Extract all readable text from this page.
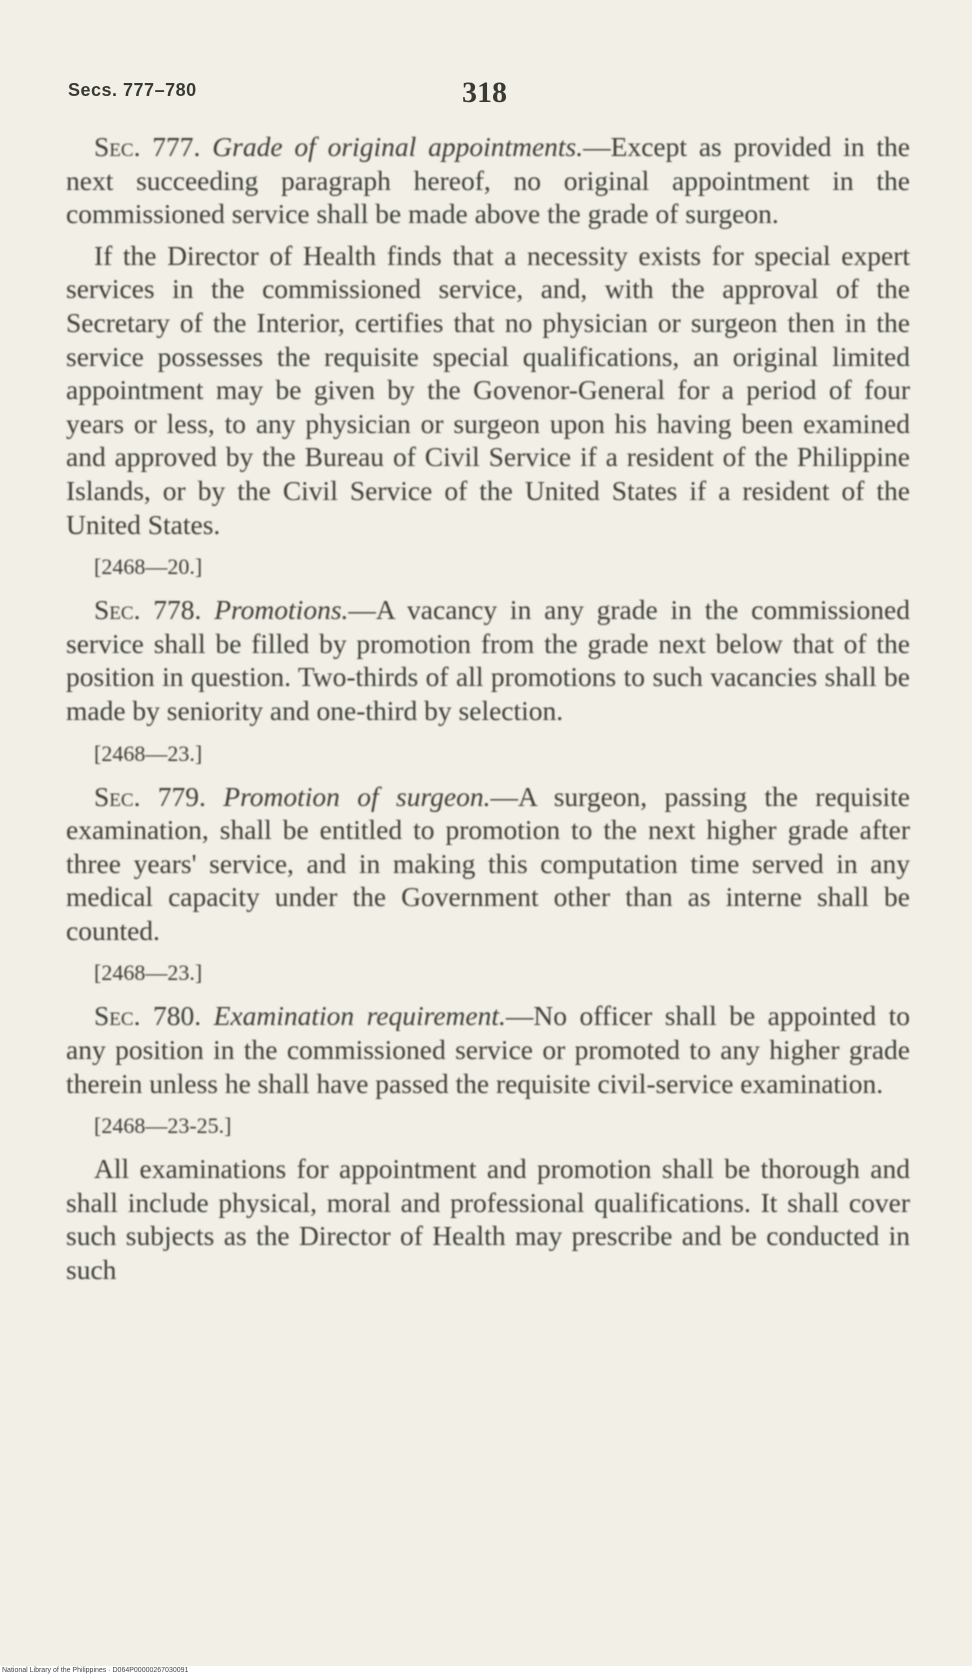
Secs. 777–780	318

Sec. 777. Grade of original appointments.—Except as provided in the next succeeding paragraph hereof, no original appointment in the commissioned service shall be made above the grade of surgeon.

If the Director of Health finds that a necessity exists for special expert services in the commissioned service, and, with the approval of the Secretary of the Interior, certifies that no physician or surgeon then in the service possesses the requisite special qualifications, an original limited appointment may be given by the Govenor-General for a period of four years or less, to any physician or surgeon upon his having been examined and approved by the Bureau of Civil Service if a resident of the Philippine Islands, or by the Civil Service of the United States if a resident of the United States.

[2468—20.]

Sec. 778. Promotions.—A vacancy in any grade in the commissioned service shall be filled by promotion from the grade next below that of the position in question. Two-thirds of all promotions to such vacancies shall be made by seniority and one-third by selection.

[2468—23.]

Sec. 779. Promotion of surgeon.—A surgeon, passing the requisite examination, shall be entitled to promotion to the next higher grade after three years' service, and in making this computation time served in any medical capacity under the Government other than as interne shall be counted.

[2468—23.]

Sec. 780. Examination requirement.—No officer shall be appointed to any position in the commissioned service or promoted to any higher grade therein unless he shall have passed the requisite civil-service examination.

[2468—23-25.]

All examinations for appointment and promotion shall be thorough and shall include physical, moral and professional qualifications. It shall cover such subjects as the Director of Health may prescribe and be conducted in such

National Library of the Philippines · D064P00000267030091
